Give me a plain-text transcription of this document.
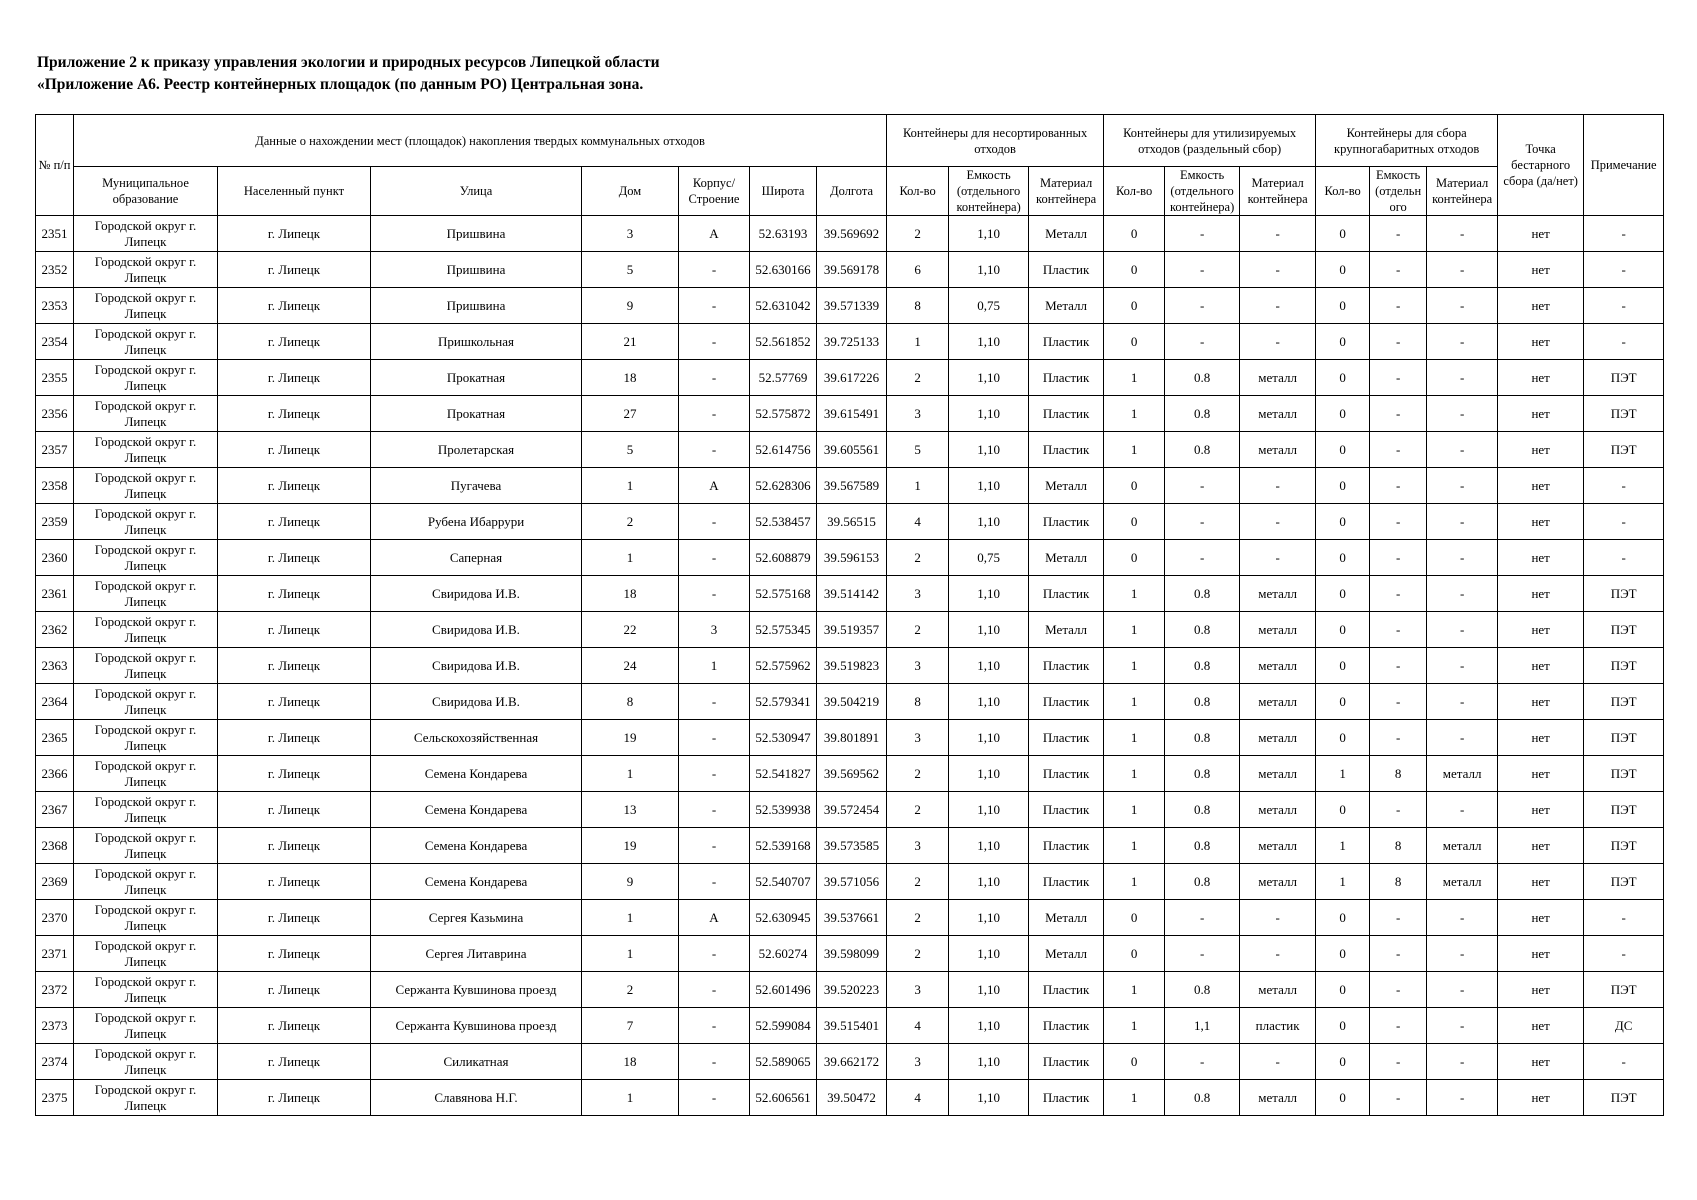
Приложение 2 к приказу управления экологии и природных ресурсов Липецкой области
«Приложение А6. Реестр контейнерных площадок (по данным РО) Центральная зона.
№ п/п	Данные о нахождении мест (площадок) накопления твердых коммунальных отходов							Контейнеры для несортированных отходов			Контейнеры для утилизируемых отходов (раздельный сбор)			Контейнеры для сбора крупногабаритных отходов			Точка бестарного сбора (да/нет)	Примечание
	Муниципальное образование	Населенный пункт	Улица	Дом	Корпус/ Строение	Широта	Долгота	Кол-во	Емкость (отдельного контейнера)	Материал контейнера	Кол-во	Емкость (отдельного контейнера)	Материал контейнера	Кол-во	Емкость (отдельн ого	Материал контейнера		
2351	Городской округ г. Липецк	г. Липецк	Пришвина	3	А	52.63193	39.569692	2	1,10	Металл	0	-	-	0	-	-	нет	-
2352	Городской округ г. Липецк	г. Липецк	Пришвина	5	-	52.630166	39.569178	6	1,10	Пластик	0	-	-	0	-	-	нет	-
2353	Городской округ г. Липецк	г. Липецк	Пришвина	9	-	52.631042	39.571339	8	0,75	Металл	0	-	-	0	-	-	нет	-
2354	Городской округ г. Липецк	г. Липецк	Пришкольная	21	-	52.561852	39.725133	1	1,10	Пластик	0	-	-	0	-	-	нет	-
2355	Городской округ г. Липецк	г. Липецк	Прокатная	18	-	52.57769	39.617226	2	1,10	Пластик	1	0.8	металл	0	-	-	нет	ПЭТ
2356	Городской округ г. Липецк	г. Липецк	Прокатная	27	-	52.575872	39.615491	3	1,10	Пластик	1	0.8	металл	0	-	-	нет	ПЭТ
2357	Городской округ г. Липецк	г. Липецк	Пролетарская	5	-	52.614756	39.605561	5	1,10	Пластик	1	0.8	металл	0	-	-	нет	ПЭТ
2358	Городской округ г. Липецк	г. Липецк	Пугачева	1	А	52.628306	39.567589	1	1,10	Металл	0	-	-	0	-	-	нет	-
2359	Городской округ г. Липецк	г. Липецк	Рубена Ибаррури	2	-	52.538457	39.56515	4	1,10	Пластик	0	-	-	0	-	-	нет	-
2360	Городской округ г. Липецк	г. Липецк	Саперная	1	-	52.608879	39.596153	2	0,75	Металл	0	-	-	0	-	-	нет	-
2361	Городской округ г. Липецк	г. Липецк	Свиридова И.В.	18	-	52.575168	39.514142	3	1,10	Пластик	1	0.8	металл	0	-	-	нет	ПЭТ
2362	Городской округ г. Липецк	г. Липецк	Свиридова И.В.	22	3	52.575345	39.519357	2	1,10	Металл	1	0.8	металл	0	-	-	нет	ПЭТ
2363	Городской округ г. Липецк	г. Липецк	Свиридова И.В.	24	1	52.575962	39.519823	3	1,10	Пластик	1	0.8	металл	0	-	-	нет	ПЭТ
2364	Городской округ г. Липецк	г. Липецк	Свиридова И.В.	8	-	52.579341	39.504219	8	1,10	Пластик	1	0.8	металл	0	-	-	нет	ПЭТ
2365	Городской округ г. Липецк	г. Липецк	Сельскохозяйственная	19	-	52.530947	39.801891	3	1,10	Пластик	1	0.8	металл	0	-	-	нет	ПЭТ
2366	Городской округ г. Липецк	г. Липецк	Семена Кондарева	1	-	52.541827	39.569562	2	1,10	Пластик	1	0.8	металл	1	8	металл	нет	ПЭТ
2367	Городской округ г. Липецк	г. Липецк	Семена Кондарева	13	-	52.539938	39.572454	2	1,10	Пластик	1	0.8	металл	0	-	-	нет	ПЭТ
2368	Городской округ г. Липецк	г. Липецк	Семена Кондарева	19	-	52.539168	39.573585	3	1,10	Пластик	1	0.8	металл	1	8	металл	нет	ПЭТ
2369	Городской округ г. Липецк	г. Липецк	Семена Кондарева	9	-	52.540707	39.571056	2	1,10	Пластик	1	0.8	металл	1	8	металл	нет	ПЭТ
2370	Городской округ г. Липецк	г. Липецк	Сергея Казьмина	1	А	52.630945	39.537661	2	1,10	Металл	0	-	-	0	-	-	нет	-
2371	Городской округ г. Липецк	г. Липецк	Сергея Литаврина	1	-	52.60274	39.598099	2	1,10	Металл	0	-	-	0	-	-	нет	-
2372	Городской округ г. Липецк	г. Липецк	Сержанта Кувшинова проезд	2	-	52.601496	39.520223	3	1,10	Пластик	1	0.8	металл	0	-	-	нет	ПЭТ
2373	Городской округ г. Липецк	г. Липецк	Сержанта Кувшинова проезд	7	-	52.599084	39.515401	4	1,10	Пластик	1	1,1	пластик	0	-	-	нет	ДС
2374	Городской округ г. Липецк	г. Липецк	Силикатная	18	-	52.589065	39.662172	3	1,10	Пластик	0	-	-	0	-	-	нет	-
2375	Городской округ г. Липецк	г. Липецк	Славянова Н.Г.	1	-	52.606561	39.50472	4	1,10	Пластик	1	0.8	металл	0	-	-	нет	ПЭТ
